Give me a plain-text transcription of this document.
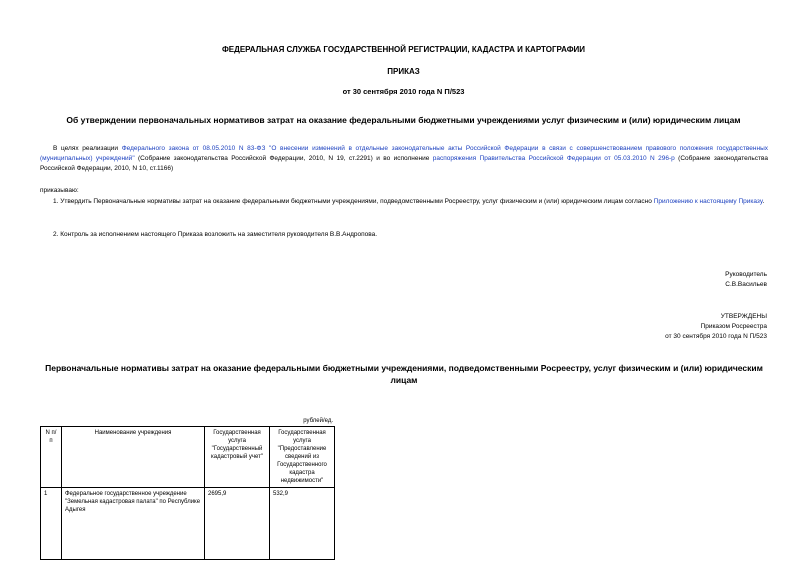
ФЕДЕРАЛЬНАЯ СЛУЖБА ГОСУДАРСТВЕННОЙ РЕГИСТРАЦИИ, КАДАСТРА И КАРТОГРАФИИ
ПРИКАЗ
от 30 сентября 2010 года N П/523
Об утверждении первоначальных нормативов затрат на оказание федеральными бюджетными учреждениями услуг физическим и (или) юридическим лицам
В целях реализации Федерального закона от 08.05.2010 N 83-ФЗ "О внесении изменений в отдельные законодательные акты Российской Федерации в связи с совершенствованием правового положения государственных (муниципальных) учреждений" (Собрание законодательства Российской Федерации, 2010, N 19, ст.2291) и во исполнение распоряжения Правительства Российской Федерации от 05.03.2010 N 296-р (Собрание законодательства Российской Федерации, 2010, N 10, ст.1166)
приказываю:
1. Утвердить Первоначальные нормативы затрат на оказание федеральными бюджетными учреждениями, подведомственными Росреестру, услуг физическим и (или) юридическим лицам согласно Приложению к настоящему Приказу.
2. Контроль за исполнением настоящего Приказа возложить на заместителя руководителя В.В.Андропова.
Руководитель
С.В.Васильев
УТВЕРЖДЕНЫ
Приказом Росреестра
от 30 сентября 2010 года N П/523
Первоначальные нормативы затрат на оказание федеральными бюджетными учреждениями, подведомственными Росреестру, услуг физическим и (или) юридическим лицам
рублей/ед.
N п/п	Наименование учреждения	Государственная услуга "Государственный кадастровый учет"	Государственная услуга "Предоставление сведений из Государственного кадастра недвижимости"
1	Федеральное государственное учреждение "Земельная кадастровая палата" по Республике Адыгея	2695,9	532,9
